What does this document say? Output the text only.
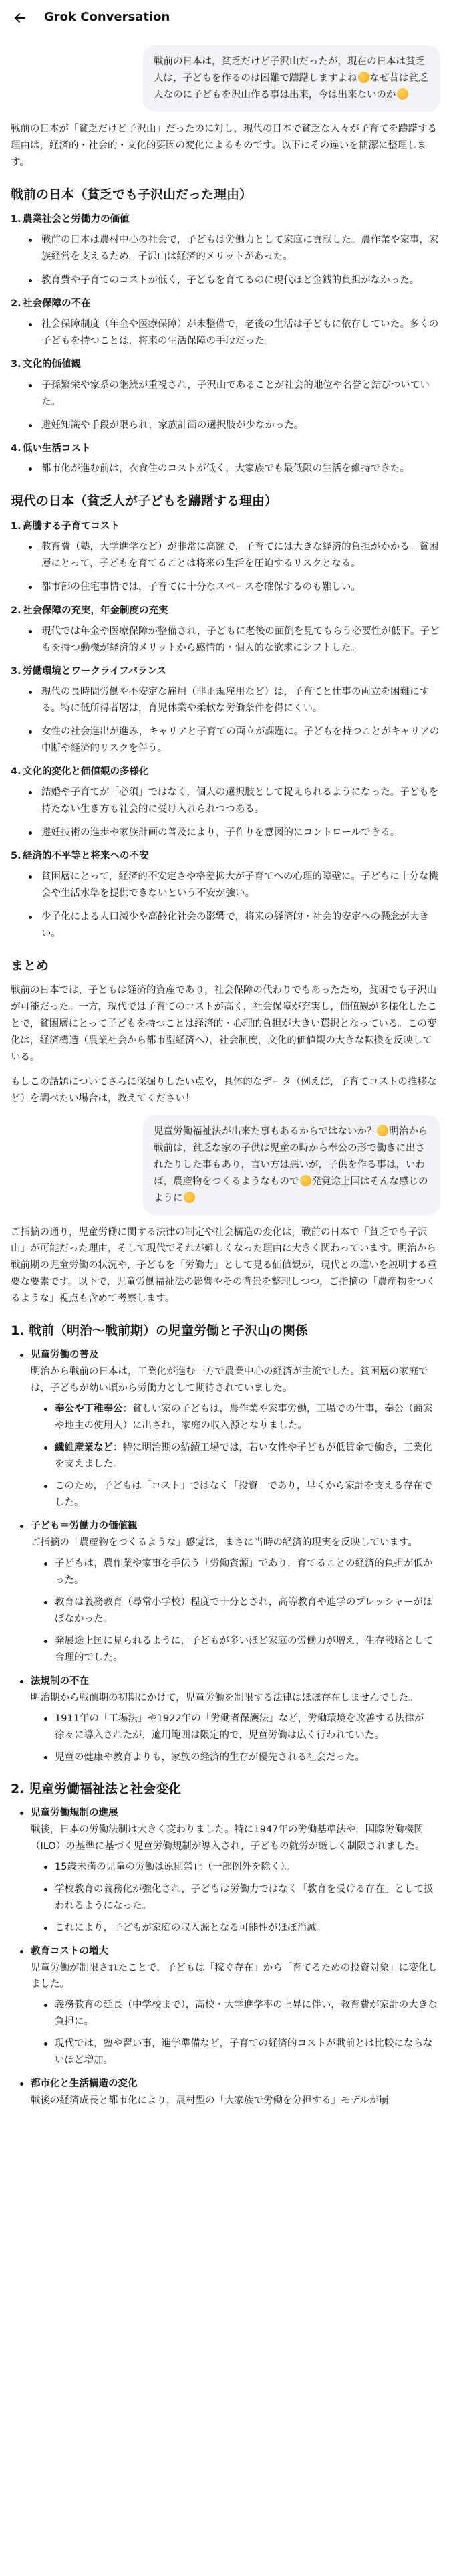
Grok Conversation
戦前の日本は，貧乏だけど子沢山だったが，現在の日本は貧乏人は，子どもを作るのは困難で躊躇しますよね なぜ昔は貧乏人なのに子どもを沢山作る事は出来，今は出来ないのか

戦前の日本が「貧乏だけど子沢山」だったのに対し，現代の日本で貧乏な人々が子育てを躊躇する理由は，経済的・社会的・文化的要因の変化によるものです。以下にその違いを簡潔に整理します。

戦前の日本（貧乏でも子沢山だった理由）
1. 農業社会と労働力の価値
戦前の日本は農村中心の社会で，子どもは労働力として家庭に貢献した。農作業や家事，家族経営を支えるため，子沢山は経済的メリットがあった。
教育費や子育てのコストが低く，子どもを育てるのに現代ほど金銭的負担がなかった。
2. 社会保障の不在
社会保障制度（年金や医療保障）が未整備で，老後の生活は子どもに依存していた。多くの子どもを持つことは，将来の生活保障の手段だった。
3. 文化的価値観
子孫繁栄や家系の継続が重視され，子沢山であることが社会的地位や名誉と結びついていた。
避妊知識や手段が限られ，家族計画の選択肢が少なかった。
4. 低い生活コスト
都市化が進む前は，衣食住のコストが低く，大家族でも最低限の生活を維持できた。
現代の日本（貧乏人が子どもを躊躇する理由）
1. 高騰する子育てコスト
教育費（塾，大学進学など）が非常に高額で，子育てには大きな経済的負担がかかる。貧困層にとって，子どもを育てることは将来の生活を圧迫するリスクとなる。
都市部の住宅事情では，子育てに十分なスペースを確保するのも難しい。
2. 社会保障の充実，年金制度の充実
現代では年金や医療保障が整備され，子どもに老後の面倒を見てもらう必要性が低下。子どもを持つ動機が経済的メリットから感情的・個人的な欲求にシフトした。
3. 労働環境とワークライフバランス
現代の長時間労働や不安定な雇用（非正規雇用など）は，子育てと仕事の両立を困難にする。特に低所得者層は，育児休業や柔軟な労働条件を得にくい。
女性の社会進出が進み，キャリアと子育ての両立が課題に。子どもを持つことがキャリアの中断や経済的リスクを伴う。
4. 文化的変化と価値観の多様化
結婚や子育てが「必須」ではなく，個人の選択肢として捉えられるようになった。子どもを持たない生き方も社会的に受け入れられつつある。
避妊技術の進歩や家族計画の普及により，子作りを意図的にコントロールできる。
5. 経済的不平等と将来への不安
貧困層にとって，経済的不安定さや格差拡大が子育てへの心理的障壁に。子どもに十分な機会や生活水準を提供できないという不安が強い。
少子化による人口減少や高齢化社会の影響で，将来の経済的・社会的安定への懸念が大きい。
まとめ

戦前の日本では，子どもは経済的資産であり，社会保障の代わりでもあったため，貧困でも子沢山が可能だった。一方，現代では子育てのコストが高く，社会保障が充実し，価値観が多様化したことで，貧困層にとって子どもを持つことは経済的・心理的負担が大きい選択となっている。この変化は，経済構造（農業社会から都市型経済へ），社会制度，文化的価値観の大きな転換を反映している。

もしこの話題についてさらに深掘りしたい点や，具体的なデータ（例えば，子育てコストの推移など）を調べたい場合は，教えてください！

児童労働福祉法が出来た事もあるからではないか？ 明治から戦前は，貧乏な家の子供は児童の時から奉公の形で働きに出されたりした事もあり，言い方は悪いが，子供を作る事は，いわば，農産物をつくるようなもので 発覚途上国はそんな感じのように

ご指摘の通り，児童労働に関する法律の制定や社会構造の変化は，戦前の日本で「貧乏でも子沢山」が可能だった理由，そして現代でそれが難しくなった理由に大きく関わっています。明治から戦前期の児童労働の状況や，子どもを「労働力」として見る価値観が，現代との違いを説明する重要な要素です。以下で，児童労働福祉法の影響やその背景を整理しつつ，ご指摘の「農産物をつくるような」視点も含めて考察します。

1. 戦前（明治〜戦前期）の児童労働と子沢山の関係
児童労働の普及
明治から戦前の日本は，工業化が進む一方で農業中心の経済が主流でした。貧困層の家庭では，子どもが幼い頃から労働力として期待されていました。
奉公や丁稚奉公：貧しい家の子どもは，農作業や家事労働，工場での仕事，奉公（商家や地主の使用人）に出され，家庭の収入源となりました。
繊維産業など：特に明治期の紡績工場では，若い女性や子どもが低賃金で働き，工業化を支えました。
このため，子どもは「コスト」ではなく「投資」であり，早くから家計を支える存在でした。
子ども＝労働力の価値観
ご指摘の「農産物をつくるような」感覚は，まさに当時の経済的現実を反映しています。
子どもは，農作業や家事を手伝う「労働資源」であり，育てることの経済的負担が低かった。
教育は義務教育（尋常小学校）程度で十分とされ，高等教育や進学のプレッシャーがほぼなかった。
発展途上国に見られるように，子どもが多いほど家庭の労働力が増え，生存戦略として合理的でした。
法規制の不在
明治期から戦前期の初期にかけて，児童労働を制限する法律はほぼ存在しませんでした。
1911年の「工場法」や1922年の「労働者保護法」など，労働環境を改善する法律が徐々に導入されたが，適用範囲は限定的で，児童労働は広く行われていた。
児童の健康や教育よりも，家族の経済的生存が優先される社会だった。
2. 児童労働福祉法と社会変化
児童労働規制の進展
戦後，日本の労働法制は大きく変わりました。特に1947年の労働基準法や，国際労働機関（ILO）の基準に基づく児童労働規制が導入され，子どもの就労が厳しく制限されました。
15歳未満の児童の労働は原則禁止（一部例外を除く）。
学校教育の義務化が強化され，子どもは労働力ではなく「教育を受ける存在」として扱われるようになった。
これにより，子どもが家庭の収入源となる可能性がほぼ消滅。
教育コストの増大
児童労働が制限されたことで，子どもは「稼ぐ存在」から「育てるための投資対象」に変化しました。
義務教育の延長（中学校まで），高校・大学進学率の上昇に伴い，教育費が家計の大きな負担に。
現代では，塾や習い事，進学準備など，子育ての経済的コストが戦前とは比較にならないほど増加。
都市化と生活構造の変化
戦後の経済成長と都市化により，農村型の「大家族で労働を分担する」モデルが崩
